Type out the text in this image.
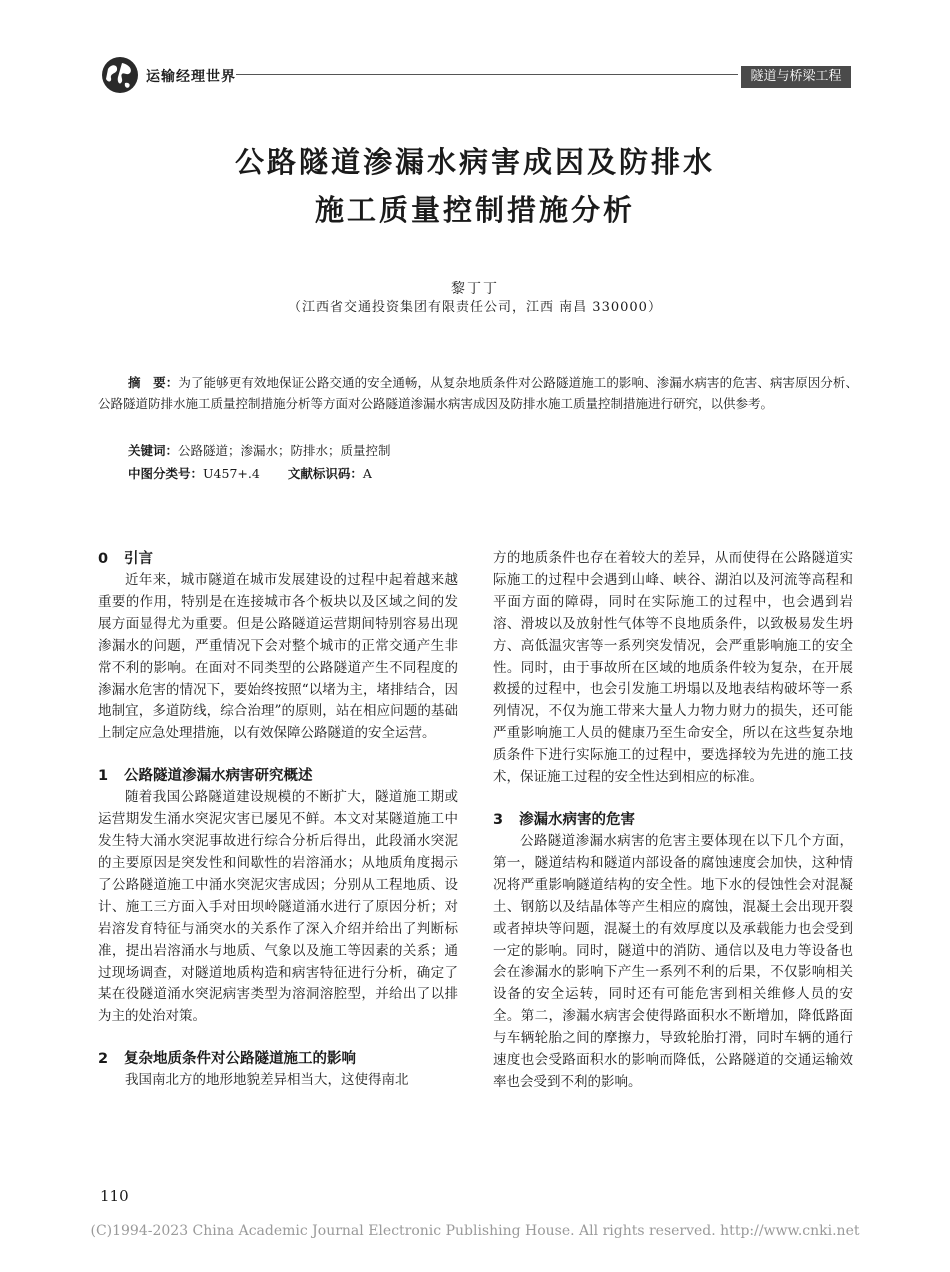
运输经理世界	隧道与桥梁工程
公路隧道渗漏水病害成因及防排水
施工质量控制措施分析
黎丁丁
（江西省交通投资集团有限责任公司，江西 南昌 330000）
摘　要：为了能够更有效地保证公路交通的安全通畅，从复杂地质条件对公路隧道施工的影响、渗漏水病害的危害、病害原因分析、公路隧道防排水施工质量控制措施分析等方面对公路隧道渗漏水病害成因及防排水施工质量控制措施进行研究，以供参考。
关键词：公路隧道；渗漏水；防排水；质量控制
中图分类号：U457+.4 文献标识码：A

0 引言

近年来，城市隧道在城市发展建设的过程中起着越来越重要的作用，特别是在连接城市各个板块以及区域之间的发展方面显得尤为重要。但是公路隧道运营期间特别容易出现渗漏水的问题，严重情况下会对整个城市的正常交通产生非常不利的影响。在面对不同类型的公路隧道产生不同程度的渗漏水危害的情况下，要始终按照“以堵为主，堵排结合，因地制宜，多道防线，综合治理”的原则，站在相应问题的基础上制定应急处理措施，以有效保障公路隧道的安全运营。

1 公路隧道渗漏水病害研究概述

随着我国公路隧道建设规模的不断扩大，隧道施工期或运营期发生涌水突泥灾害已屡见不鲜。本文对某隧道施工中发生特大涌水突泥事故进行综合分析后得出，此段涌水突泥的主要原因是突发性和间歇性的岩溶涌水；从地质角度揭示了公路隧道施工中涌水突泥灾害成因；分别从工程地质、设计、施工三方面入手对田坝岭隧道涌水进行了原因分析；对岩溶发育特征与涌突水的关系作了深入介绍并给出了判断标准，提出岩溶涌水与地质、气象以及施工等因素的关系；通过现场调查，对隧道地质构造和病害特征进行分析，确定了某在役隧道涌水突泥病害类型为溶洞溶腔型，并给出了以排为主的处治对策。

2 复杂地质条件对公路隧道施工的影响

我国南北方的地形地貌差异相当大，这使得南北

方的地质条件也存在着较大的差异，从而使得在公路隧道实际施工的过程中会遇到山峰、峡谷、湖泊以及河流等高程和平面方面的障碍，同时在实际施工的过程中，也会遇到岩溶、滑坡以及放射性气体等不良地质条件，以致极易发生坍方、高低温灾害等一系列突发情况，会严重影响施工的安全性。同时，由于事故所在区域的地质条件较为复杂，在开展救援的过程中，也会引发施工坍塌以及地表结构破坏等一系列情况，不仅为施工带来大量人力物力财力的损失，还可能严重影响施工人员的健康乃至生命安全，所以在这些复杂地质条件下进行实际施工的过程中，要选择较为先进的施工技术，保证施工过程的安全性达到相应的标准。

3 渗漏水病害的危害

公路隧道渗漏水病害的危害主要体现在以下几个方面，第一，隧道结构和隧道内部设备的腐蚀速度会加快，这种情况将严重影响隧道结构的安全性。地下水的侵蚀性会对混凝土、钢筋以及结晶体等产生相应的腐蚀，混凝土会出现开裂或者掉块等问题，混凝土的有效厚度以及承载能力也会受到一定的影响。同时，隧道中的消防、通信以及电力等设备也会在渗漏水的影响下产生一系列不利的后果，不仅影响相关设备的安全运转，同时还有可能危害到相关维修人员的安全。第二，渗漏水病害会使得路面积水不断增加，降低路面与车辆轮胎之间的摩擦力，导致轮胎打滑，同时车辆的通行速度也会受路面积水的影响而降低，公路隧道的交通运输效率也会受到不利的影响。

110
(C)1994-2023 China Academic Journal Electronic Publishing House. All rights reserved. http://www.cnki.net
